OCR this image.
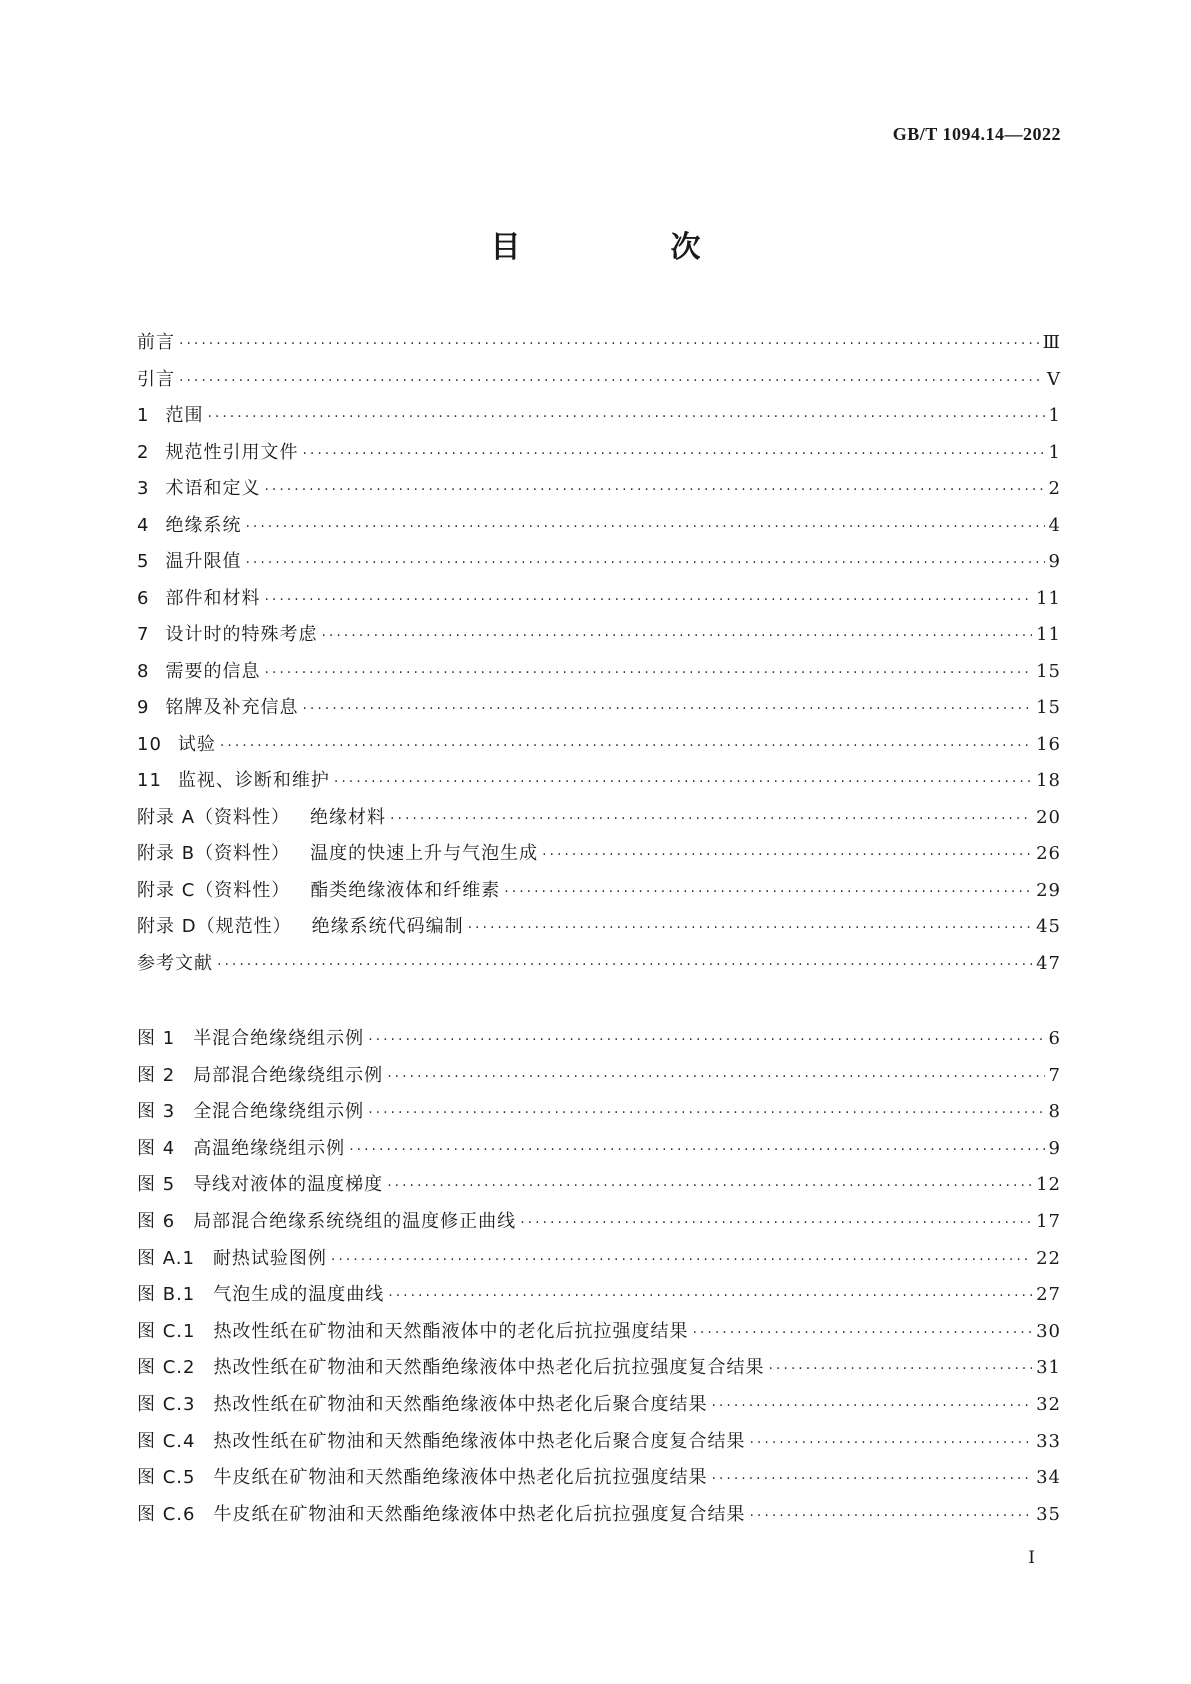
GB/T 1094.14—2022
目　次
前言 ·····	Ⅲ
引言 ·····	Ⅴ
1 范围 ·····	1
2 规范性引用文件 ·····	1
3 术语和定义 ·····	2
4 绝缘系统 ·····	4
5 温升限值 ·····	9
6 部件和材料 ·····	11
7 设计时的特殊考虑 ·····	11
8 需要的信息 ·····	15
9 铭牌及补充信息 ·····	15
10 试验 ·····	16
11 监视、诊断和维护 ·····	18
附录 A（资料性） 绝缘材料 ·····	20
附录 B（资料性） 温度的快速上升与气泡生成 ·····	26
附录 C（资料性） 酯类绝缘液体和纤维素 ·····	29
附录 D（规范性） 绝缘系统代码编制 ·····	45
参考文献 ·····	47
图 1 半混合绝缘绕组示例 ·····	6
图 2 局部混合绝缘绕组示例 ·····	7
图 3 全混合绝缘绕组示例 ·····	8
图 4 高温绝缘绕组示例 ·····	9
图 5 导线对液体的温度梯度 ·····	12
图 6 局部混合绝缘系统绕组的温度修正曲线 ·····	17
图 A.1 耐热试验图例 ·····	22
图 B.1 气泡生成的温度曲线 ·····	27
图 C.1 热改性纸在矿物油和天然酯液体中的老化后抗拉强度结果 ·····	30
图 C.2 热改性纸在矿物油和天然酯绝缘液体中热老化后抗拉强度复合结果 ·····	31
图 C.3 热改性纸在矿物油和天然酯绝缘液体中热老化后聚合度结果 ·····	32
图 C.4 热改性纸在矿物油和天然酯绝缘液体中热老化后聚合度复合结果 ·····	33
图 C.5 牛皮纸在矿物油和天然酯绝缘液体中热老化后抗拉强度结果 ·····	34
图 C.6 牛皮纸在矿物油和天然酯绝缘液体中热老化后抗拉强度复合结果 ·····	35
I
